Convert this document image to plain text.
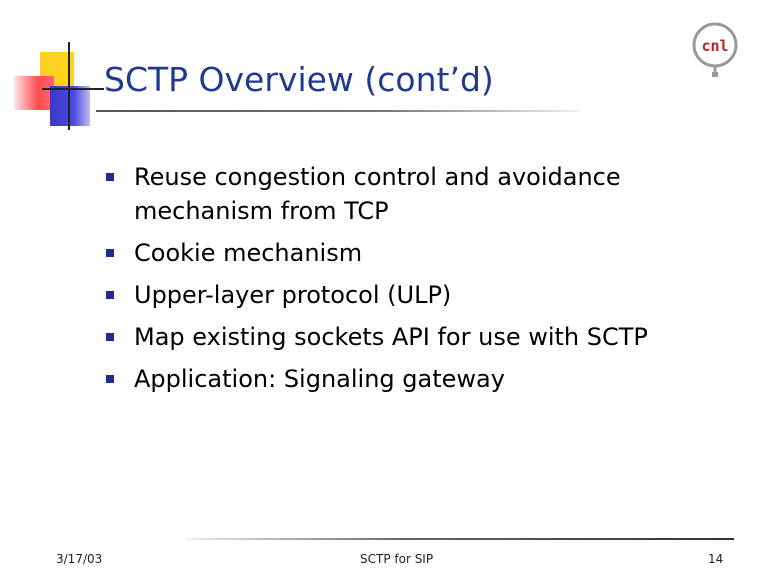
SCTP Overview (cont’d)
cnl
Reuse congestion control and avoidance mechanism from TCP
Cookie mechanism
Upper-layer protocol (ULP)
Map existing sockets API for use with SCTP
Application: Signaling gateway
3/17/03	SCTP for SIP	14
